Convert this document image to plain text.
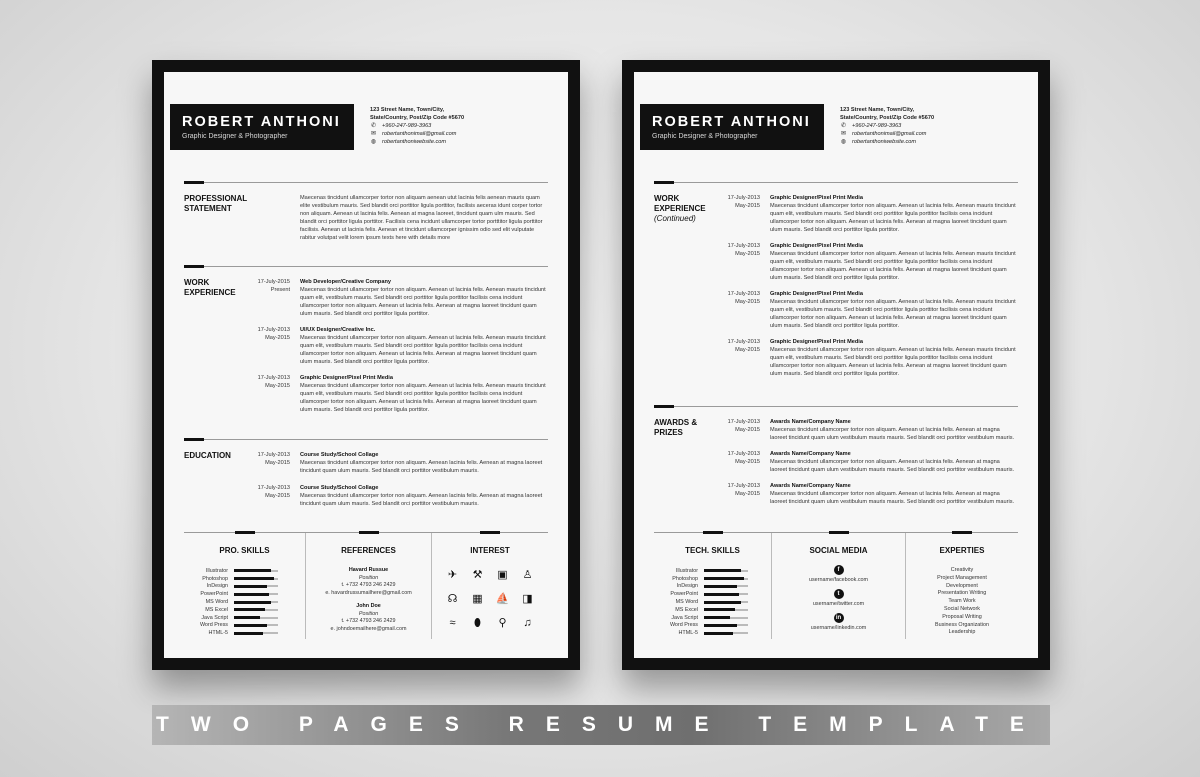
ROBERT ANTHONI
Graphic Designer & Photographer
123 Street Name, Town/City,
State/Country, Post/Zip Code #5670
✆ +960-247-989-3963
✉ robertanthonimail@gmail.com
◍ robertanthoniwebsite.com
PROFESSIONAL
STATEMENT
Maecenas tincidunt ullamcorper tortor non aliquam aenean utut lacinia felis aenean mauris quam elite vestibulum mauris. Sed blandit orci porttitor ligula porttitor, facilisis aeceras idunt corper tortor non aliquam. Aenean ut lacinia felis. Aenean at magna laoreet, tincidunt quam ulm mauris. Sed blandit orci porttitor ligula porttitor. Facilisis cena incidunt ullamcorper tortor portttitor ligula porttitor facilisis. Aenean ut lacinia felis. Aenean et tincidunt ullamcorper ignissim odio sed elit vulputate rabitur volutpat velit lorem ipsum texts here with details more
WORK
EXPERIENCE
17-July-2015
Present
Web Developer/Creative Company
Maecenas tincidunt ullamcorper tortor non aliquam. Aenean ut lacinia felis. Aenean mauris tincidunt quam elit, vestibulum mauris. Sed blandit orci porttitor ligula porttitor facilisis cena incidunt ullamcorper tortor non aliquam. Aenean ut lacinia felis. Aenean at magna laoreet tincidunt quam ulum mauris. Sed blandit orci porttitor ligula porttitor.
17-July-2013
May-2015
UI/UX Designer/Creative Inc.
Maecenas tincidunt ullamcorper tortor non aliquam. Aenean ut lacinia felis. Aenean mauris tincidunt quam elit, vestibulum mauris. Sed blandit orci porttitor ligula porttitor facilisis cena incidunt ullamcorper tortor non aliquam. Aenean ut lacinia felis. Aenean at magna laoreet tincidunt quam ulum mauris. Sed blandit orci porttitor ligula porttitor.
17-July-2013
May-2015
Graphic Designer/Pixel Print Media
Maecenas tincidunt ullamcorper tortor non aliquam. Aenean ut lacinia felis. Aenean mauris tincidunt quam elit, vestibulum mauris. Sed blandit orci porttitor ligula porttitor facilisis cena incidunt ullamcorper tortor non aliquam. Aenean ut lacinia felis. Aenean at magna laoreet tincidunt quam ulum mauris. Sed blandit orci porttitor ligula porttitor.
EDUCATION	17-July-2013
May-2015
Course Study/School Collage
Maecenas tincidunt ullamcorper tortor non aliquam. Aenean lacinia felis. Aenean at magna laoreet tincidunt quam ulum mauris. Sed blandit orci porttitor vestibulum mauris.
17-July-2013
May-2015
Course Study/School Collage
Maecenas tincidunt ullamcorper tortor non aliquam. Aenean lacinia felis. Aenean at magna laoreet tincidunt quam ulum mauris. Sed blandit orci porttitor vestibulum mauris.
PRO. SKILLS
Illustrator
Photoshop
InDesign
PowerPoint
MS Word
MS Excel
Java Script
Word Press
HTML-5
REFERENCES
Havard Russue
Position
t. +732 4793 246 2429
e. havardrussumailhere@gmail.com
John Doe
Position
t. +732 4793 246 2429
e. johndoemailhere@gmail.com
INTEREST
✈	⚒ ▣ ♙
☊ ▦ ⛵ ◨
≈	⬮	⚲	♫
ROBERT ANTHONI
Graphic Designer & Photographer
123 Street Name, Town/City,
State/Country, Post/Zip Code #5670
✆ +960-247-989-3963
✉ robertanthonimail@gmail.com
◍ robertanthoniwebsite.com
WORK
EXPERIENCE
(Continued)
17-July-2013
May-2015
Graphic Designer/Pixel Print Media
Maecenas tincidunt ullamcorper tortor non aliquam. Aenean ut lacinia felis. Aenean mauris tincidunt quam elit, vestibulum mauris. Sed blandit orci porttitor ligula porttitor facilisis cena incidunt ullamcorper tortor non aliquam. Aenean ut lacinia felis. Aenean at magna laoreet tincidunt quam ulum mauris. Sed blandit orci porttitor ligula porttitor.
17-July-2013
May-2015
Graphic Designer/Pixel Print Media
Maecenas tincidunt ullamcorper tortor non aliquam. Aenean ut lacinia felis. Aenean mauris tincidunt quam elit, vestibulum mauris. Sed blandit orci porttitor ligula porttitor facilisis cena incidunt ullamcorper tortor non aliquam. Aenean ut lacinia felis. Aenean at magna laoreet tincidunt quam ulum mauris. Sed blandit orci porttitor ligula porttitor.
17-July-2013
May-2015
Graphic Designer/Pixel Print Media
Maecenas tincidunt ullamcorper tortor non aliquam. Aenean ut lacinia felis. Aenean mauris tincidunt quam elit, vestibulum mauris. Sed blandit orci porttitor ligula porttitor facilisis cena incidunt ullamcorper tortor non aliquam. Aenean ut lacinia felis. Aenean at magna laoreet tincidunt quam ulum mauris. Sed blandit orci porttitor ligula porttitor.
17-July-2013
May-2015
Graphic Designer/Pixel Print Media
Maecenas tincidunt ullamcorper tortor non aliquam. Aenean ut lacinia felis. Aenean mauris tincidunt quam elit, vestibulum mauris. Sed blandit orci porttitor ligula porttitor facilisis cena incidunt ullamcorper tortor non aliquam. Aenean ut lacinia felis. Aenean at magna laoreet tincidunt quam ulum mauris. Sed blandit orci porttitor ligula porttitor.
AWARDS &
PRIZES
17-July-2013
May-2015
Awards Name/Company Name
Maecenas tincidunt ullamcorper tortor non aliquam. Aenean ut lacinia felis. Aenean at magna laoreet tincidunt quam ulum vestibulum mauris mauris. Sed blandit orci porttitor vestibulum mauris.
17-July-2013
May-2015
Awards Name/Company Name
Maecenas tincidunt ullamcorper tortor non aliquam. Aenean ut lacinia felis. Aenean at magna laoreet tincidunt quam ulum vestibulum mauris mauris. Sed blandit orci porttitor vestibulum mauris.
17-July-2013
May-2015
Awards Name/Company Name
Maecenas tincidunt ullamcorper tortor non aliquam. Aenean ut lacinia felis. Aenean at magna laoreet tincidunt quam ulum vestibulum mauris mauris. Sed blandit orci porttitor vestibulum mauris.
TECH. SKILLS
Illustrator
Photoshop
InDesign
PowerPoint
MS Word
MS Excel
Java Script
Word Press
HTML-5
SOCIAL MEDIA
f
username/facebook.com
t
username/twitter.com
in
username/linkedin.com
EXPERTIES
Creativity
Project Management
Development
Presentation Writing
Team Work
Social Network
Proposal Writing
Business Organization
Leadership
TWO PAGES RESUME TEMPLATE
